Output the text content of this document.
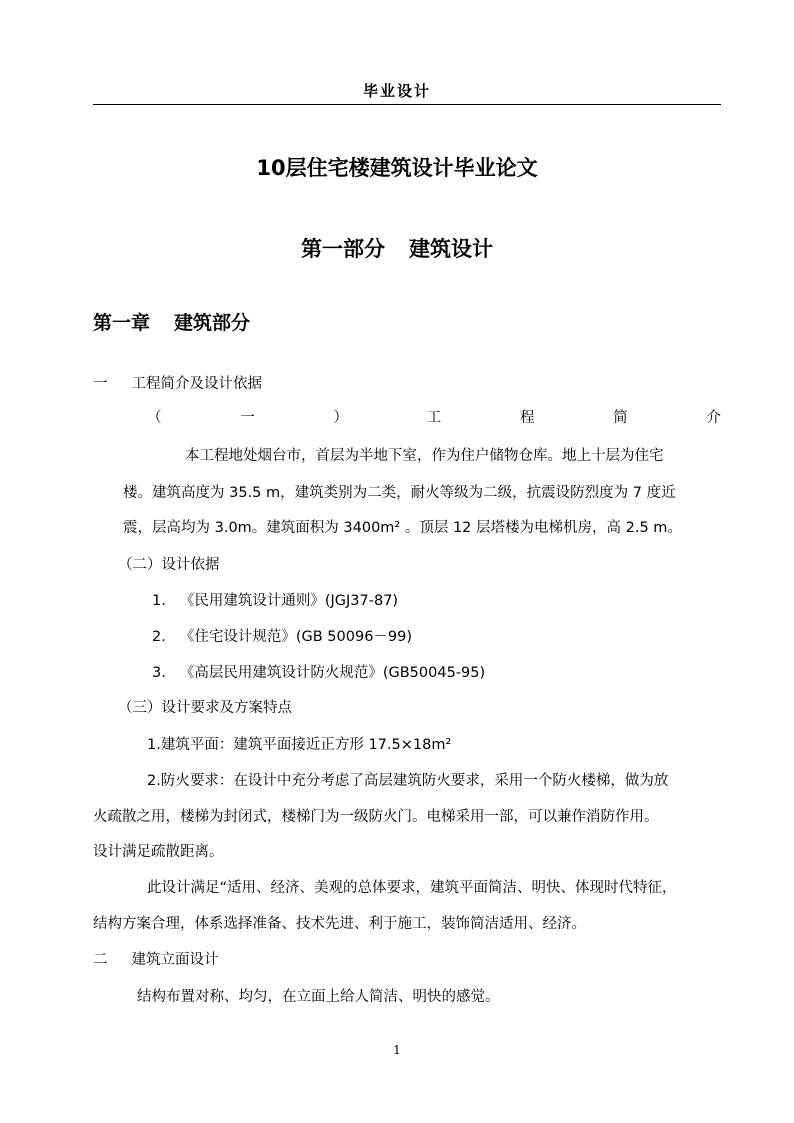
毕业设计
10层住宅楼建筑设计毕业论文
第一部分 建筑设计
第一章 建筑部分
一 工程简介及设计依据
（	一	）	工	程	简	介
本工程地处烟台市，首层为半地下室，作为住户储物仓库。地上十层为住宅
楼。建筑高度为 35.5 m，建筑类别为二类，耐火等级为二级，抗震设防烈度为 7 度近
震，层高均为 3.0m。建筑面积为 3400m² 。顶层 12 层塔楼为电梯机房，高 2.5 m。
（二）设计依据
1. 《民用建筑设计通则》(JGJ37-87)
2. 《住宅设计规范》(GB 50096－99)
3. 《高层民用建筑设计防火规范》(GB50045-95)
（三）设计要求及方案特点
1.建筑平面：建筑平面接近正方形 17.5×18m²
2.防火要求：在设计中充分考虑了高层建筑防火要求，采用一个防火楼梯，做为放
火疏散之用，楼梯为封闭式，楼梯门为一级防火门。电梯采用一部，可以兼作消防作用。
设计满足疏散距离。
此设计满足“适用、经济、美观的总体要求，建筑平面简洁、明快、体现时代特征，
结构方案合理，体系选择准备、技术先进、利于施工，装饰简洁适用、经济。
二 建筑立面设计
结构布置对称、均匀，在立面上给人简洁、明快的感觉。
1
